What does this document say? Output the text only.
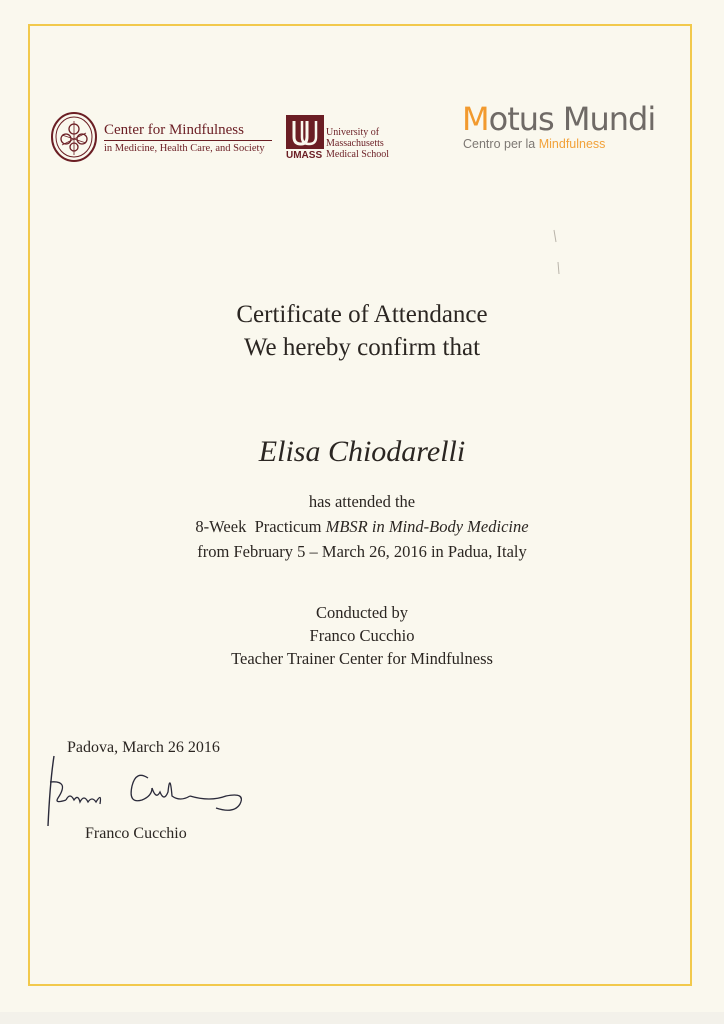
Center for Mindfulness
in Medicine, Health Care, and Society
UMASS
University of
Massachusetts
Medical School
Motus Mundi
Centro per la Mindfulness
Certificate of Attendance
We hereby confirm that
Elisa Chiodarelli
has attended the
8-Week  Practicum MBSR in Mind-Body Medicine
from February 5 – March 26, 2016 in Padua, Italy
Conducted by
Franco Cucchio
Teacher Trainer Center for Mindfulness
Padova, March 26 2016
Franco Cucchio
